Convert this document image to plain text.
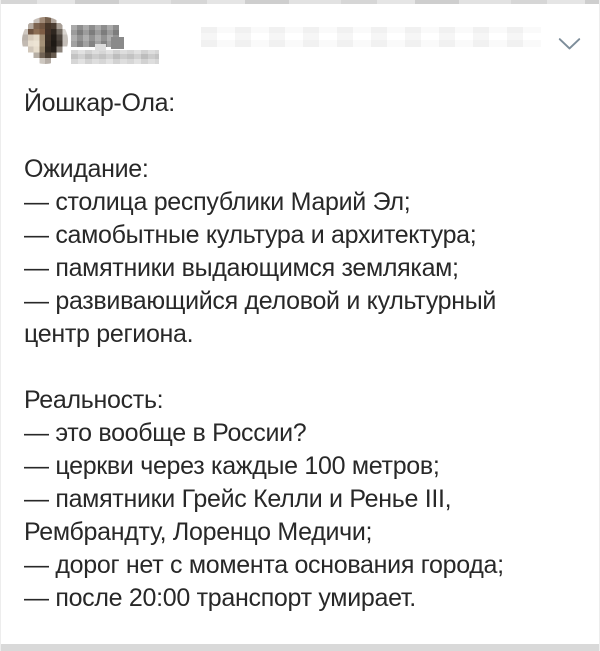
Йошкар-Ола:
Ожидание:
— столица республики Марий Эл;
— самобытные культура и архитектура;
— памятники выдающимся землякам;
— развивающийся деловой и культурный
центр региона.
Реальность:
— это вообще в России?
— церкви через каждые 100 метров;
— памятники Грейс Келли и Ренье III,
Рембрандту, Лоренцо Медичи;
— дорог нет с момента основания города;
— после 20:00 транспорт умирает.
